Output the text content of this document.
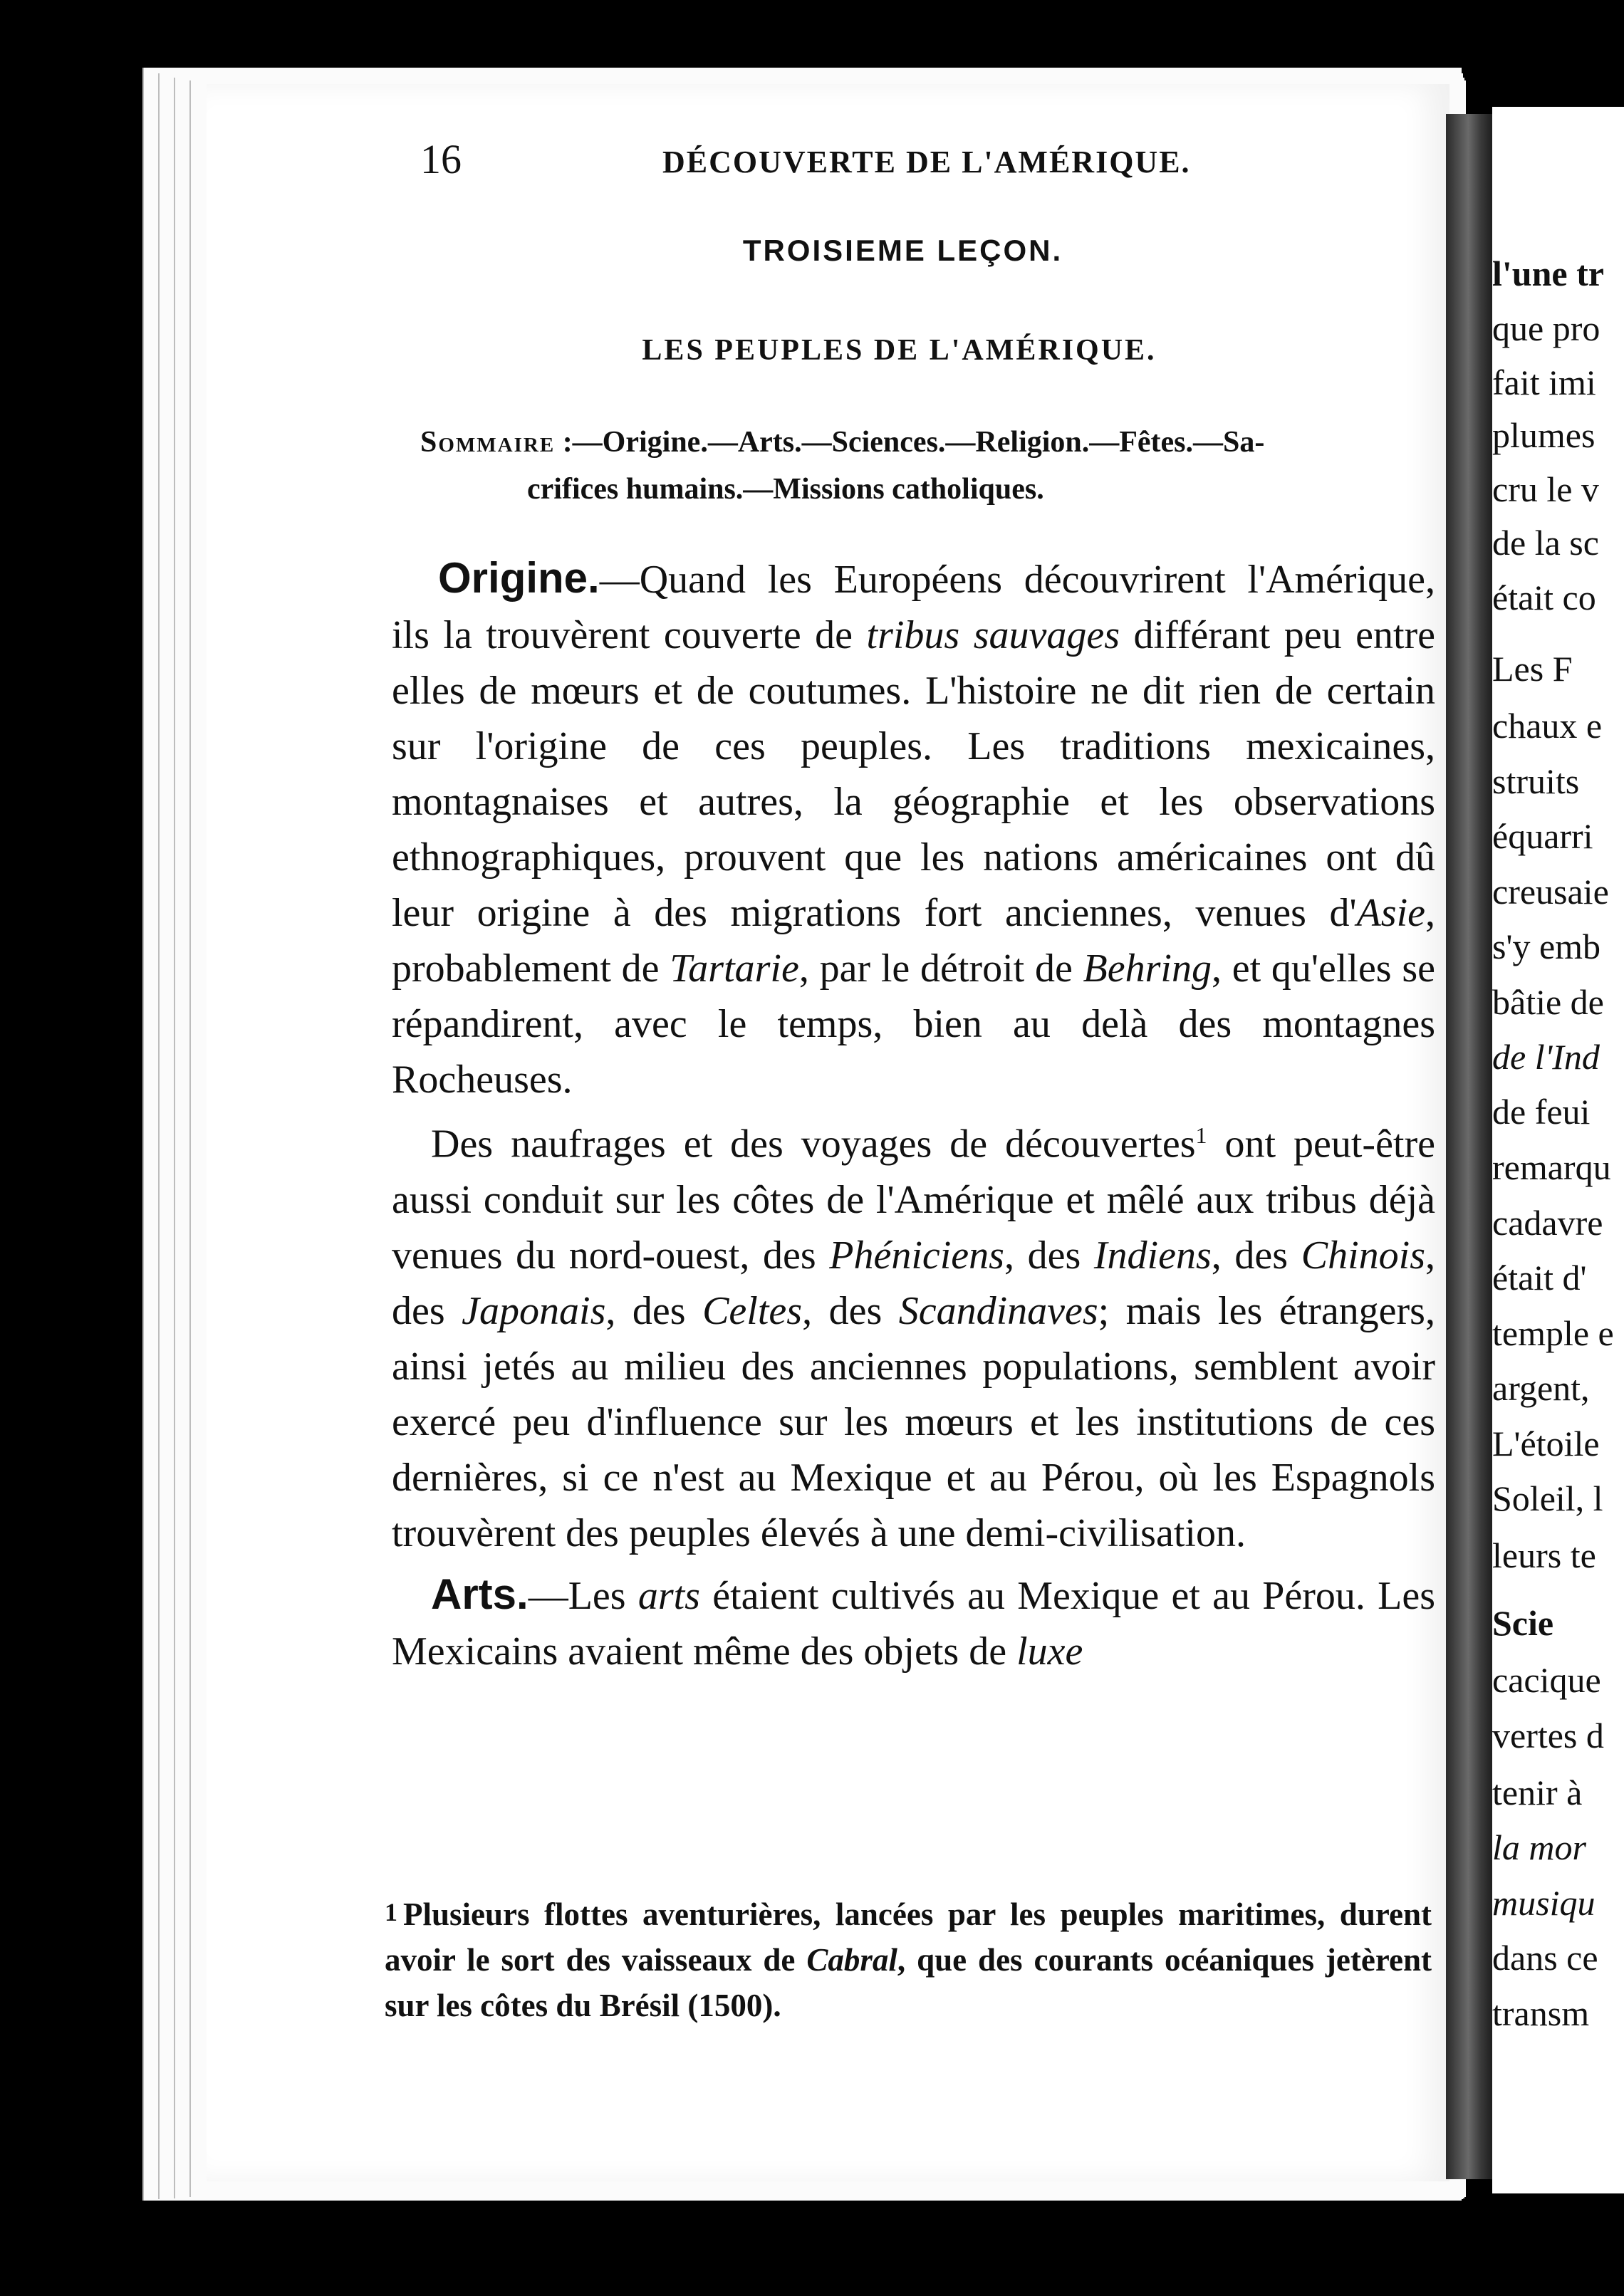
16	DÉCOUVERTE DE L'AMÉRIQUE.
TROISIEME LEÇON.
LES PEUPLES DE L'AMÉRIQUE.
Sommaire :—Origine.—Arts.—Sciences.—Religion.—Fêtes.—Sa-
crifices humains.—Missions catholiques.

Origine.—Quand les Européens découvrirent l'Amérique, ils la trouvèrent couverte de tribus sauvages différant peu entre elles de mœurs et de coutumes. L'histoire ne dit rien de certain sur l'origine de ces peuples. Les traditions mexicaines, montagnaises et autres, la géographie et les observations ethnographiques, prouvent que les nations américaines ont dû leur origine à des migrations fort anciennes, venues d'Asie, probablement de Tartarie, par le détroit de Behring, et qu'elles se répandirent, avec le temps, bien au delà des montagnes Rocheuses.

Des naufrages et des voyages de découvertes$^1$ ont peut-être aussi conduit sur les côtes de l'Amérique et mêlé aux tribus déjà venues du nord-ouest, des Phéniciens, des Indiens, des Chinois, des Japonais, des Celtes, des Scandinaves; mais les étrangers, ainsi jetés au milieu des anciennes populations, semblent avoir exercé peu d'influence sur les mœurs et les institutions de ces dernières, si ce n'est au Mexique et au Pérou, où les Espagnols trouvèrent des peuples élevés à une demi-civilisation.

Arts.—Les arts étaient cultivés au Mexique et au Pérou. Les Mexicains avaient même des objets de luxe

1 Plusieurs flottes aventurières, lancées par les peuples maritimes, durent avoir le sort des vaisseaux de Cabral, que des courants océaniques jetèrent sur les côtes du Brésil (1500).
l'une tr
que pro
fait imi
plumes
cru le v
de la sc
était co
Les F
chaux e
struits
équarri
creusaie
s'y emb
bâtie de
de l'Ind
de feui
remarqu
cadavre
était d'
temple e
argent,
L'étoile
Soleil, l
leurs te
Scie
cacique
vertes d
tenir à
la mor
musiqu
dans ce
transm
